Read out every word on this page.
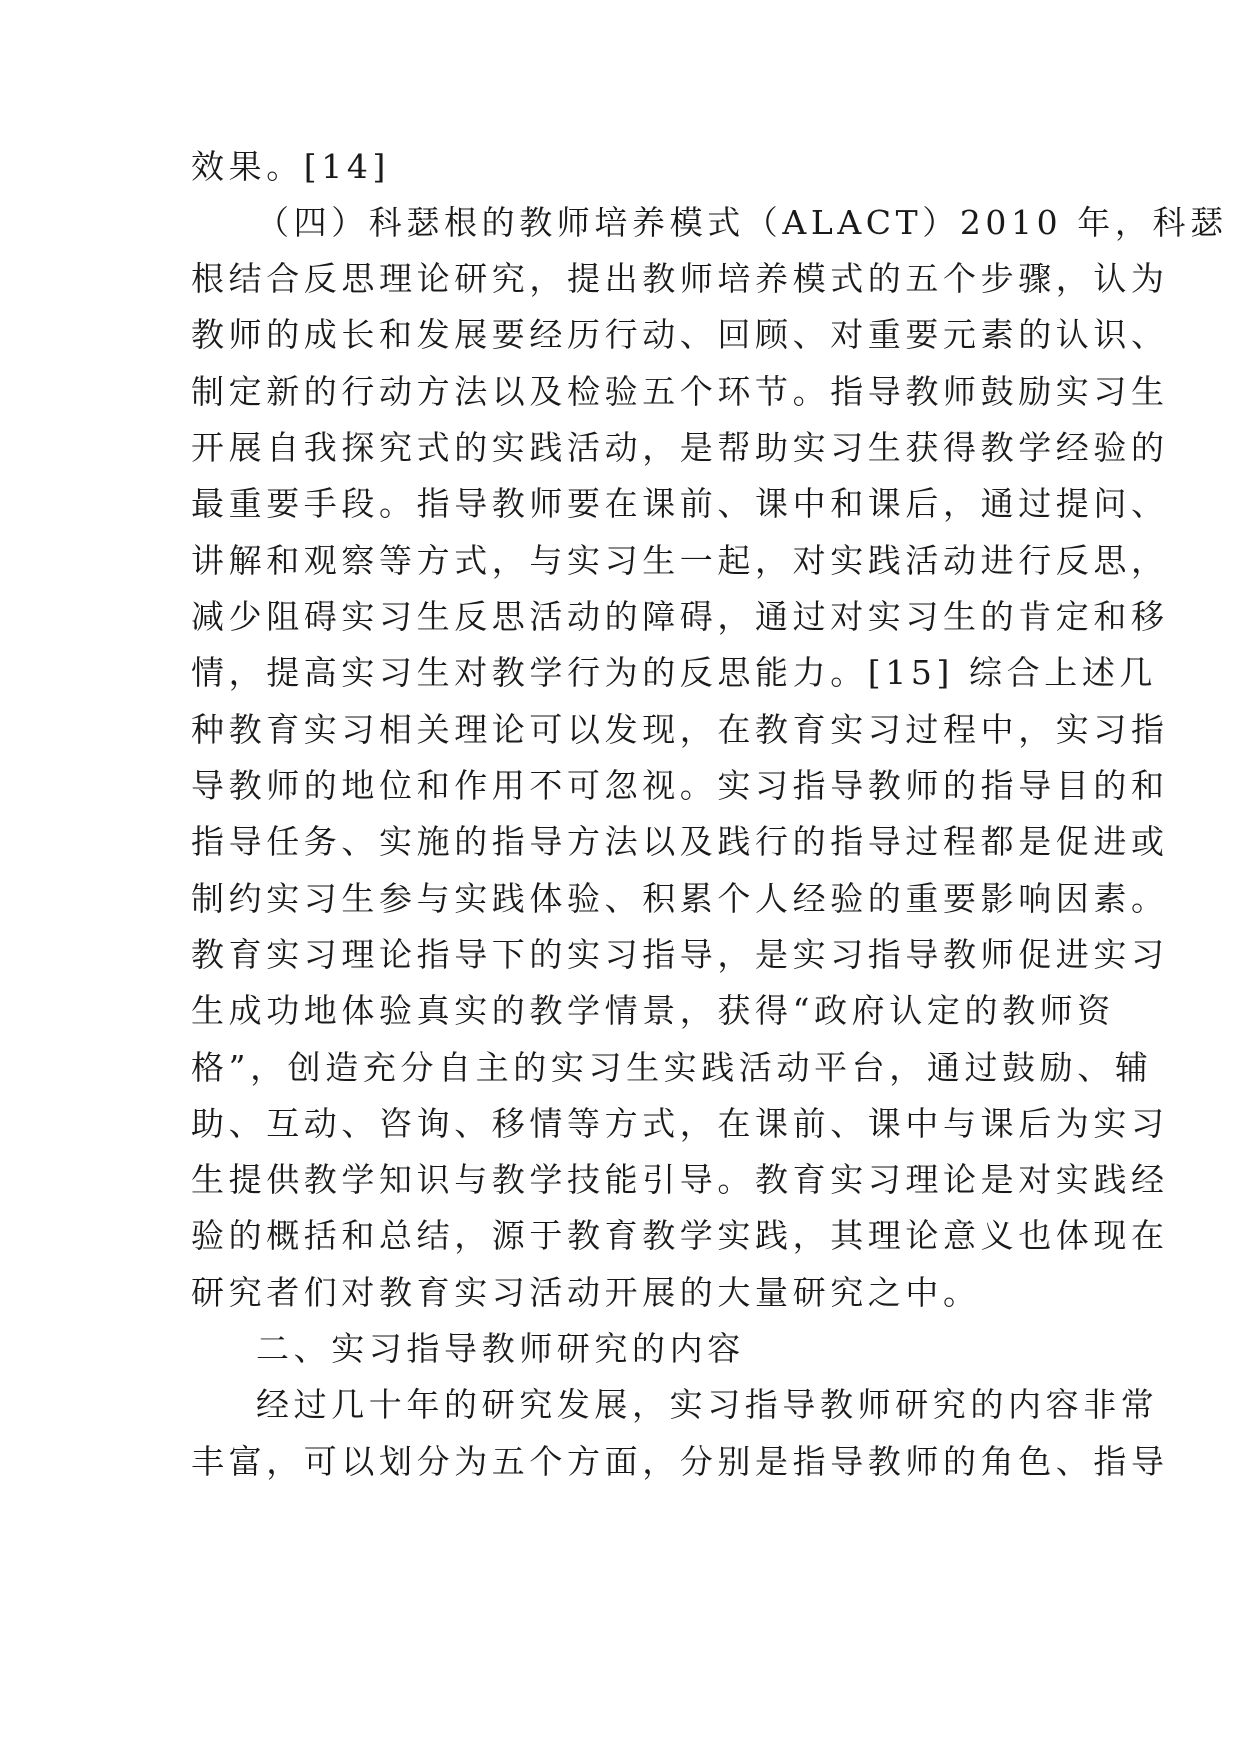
效果。[14]
（四）科瑟根的教师培养模式（ALACT）2010 年，科瑟
根结合反思理论研究，提出教师培养模式的五个步骤，认为
教师的成长和发展要经历行动、回顾、对重要元素的认识、
制定新的行动方法以及检验五个环节。指导教师鼓励实习生
开展自我探究式的实践活动，是帮助实习生获得教学经验的
最重要手段。指导教师要在课前、课中和课后，通过提问、
讲解和观察等方式，与实习生一起，对实践活动进行反思，
减少阻碍实习生反思活动的障碍，通过对实习生的肯定和移
情，提高实习生对教学行为的反思能力。[15] 综合上述几
种教育实习相关理论可以发现，在教育实习过程中，实习指
导教师的地位和作用不可忽视。实习指导教师的指导目的和
指导任务、实施的指导方法以及践行的指导过程都是促进或
制约实习生参与实践体验、积累个人经验的重要影响因素。
教育实习理论指导下的实习指导，是实习指导教师促进实习
生成功地体验真实的教学情景，获得“政府认定的教师资
格”，创造充分自主的实习生实践活动平台，通过鼓励、辅
助、互动、咨询、移情等方式，在课前、课中与课后为实习
生提供教学知识与教学技能引导。教育实习理论是对实践经
验的概括和总结，源于教育教学实践，其理论意义也体现在
研究者们对教育实习活动开展的大量研究之中。
二、实习指导教师研究的内容
经过几十年的研究发展，实习指导教师研究的内容非常
丰富，可以划分为五个方面，分别是指导教师的角色、指导
